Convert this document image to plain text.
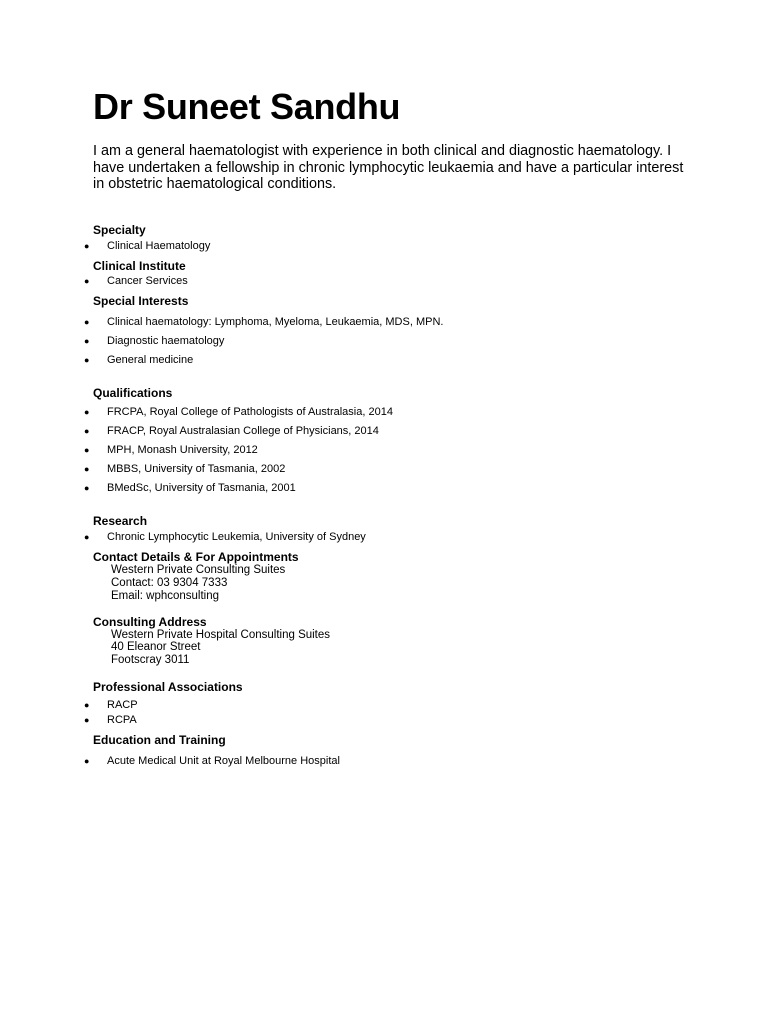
Dr Suneet Sandhu

I am a general haematologist with experience in both clinical and diagnostic haematology. I
have undertaken a fellowship in chronic lymphocytic leukaemia and have a particular interest
in obstetric haematological conditions.

Specialty
● Clinical Haematology
Clinical Institute
● Cancer Services
Special Interests
● Clinical haematology: Lymphoma, Myeloma, Leukaemia, MDS, MPN.
● Diagnostic haematology
● General medicine
Qualifications
● FRCPA, Royal College of Pathologists of Australasia, 2014
● FRACP, Royal Australasian College of Physicians, 2014
● MPH, Monash University, 2012
● MBBS, University of Tasmania, 2002
● BMedSc, University of Tasmania, 2001
Research
● Chronic Lymphocytic Leukemia, University of Sydney
Contact Details & For Appointments
Western Private Consulting Suites
Contact: 03 9304 7333
Email: wphconsulting
Consulting Address
Western Private Hospital Consulting Suites
40 Eleanor Street
Footscray 3011
Professional Associations
● RACP
● RCPA
Education and Training
● Acute Medical Unit at Royal Melbourne Hospital
